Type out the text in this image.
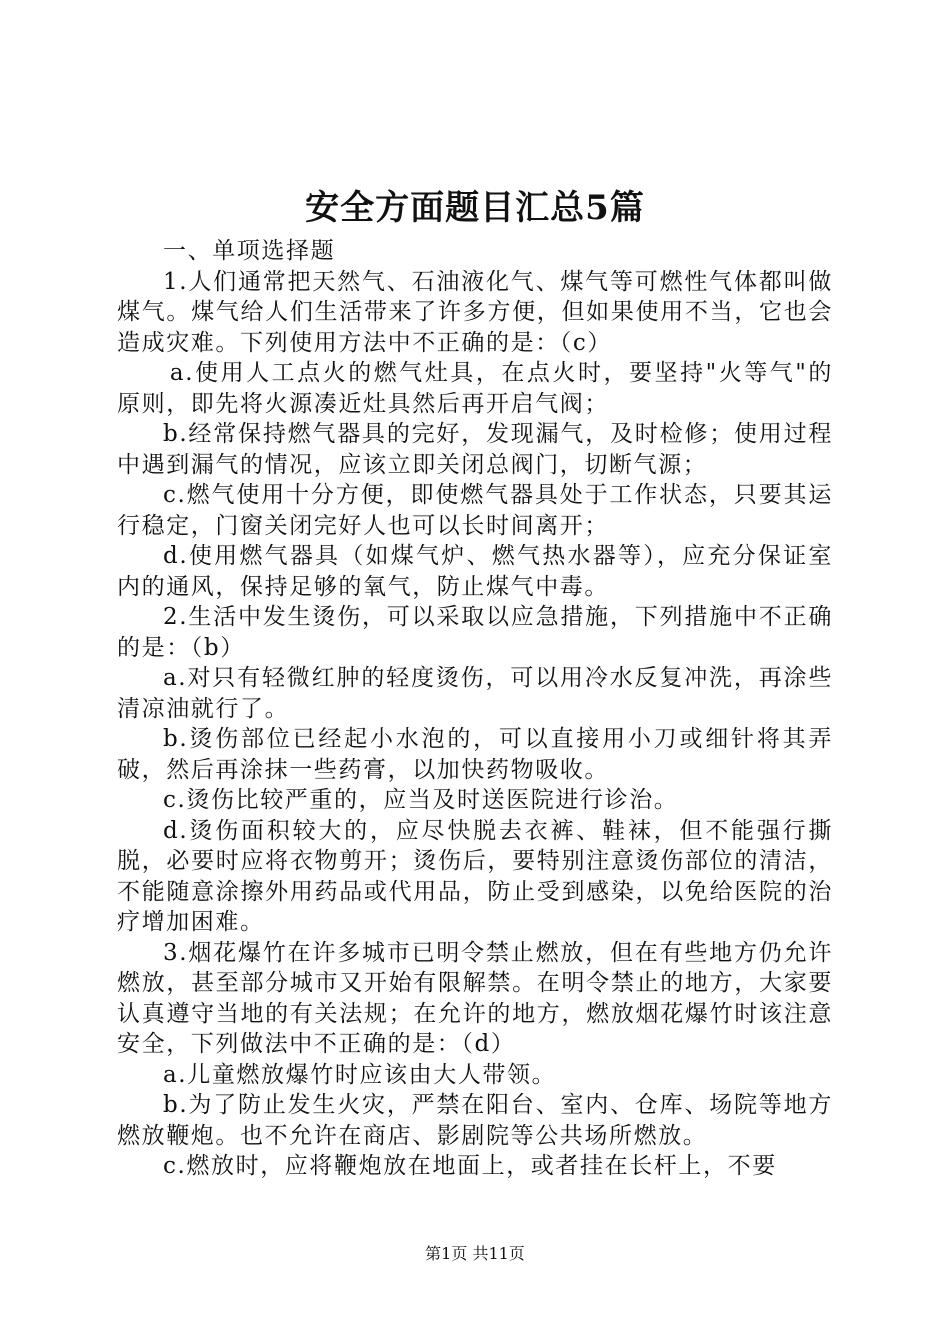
安全方面题目汇总5篇

一、单项选择题

1.人们通常把天然气、石油液化气、煤气等可燃性气体都叫做煤气。煤气给人们生活带来了许多方便，但如果使用不当，它也会造成灾难。下列使用方法中不正确的是：（c）

a.使用人工点火的燃气灶具，在点火时，要坚持"火等气"的原则，即先将火源凑近灶具然后再开启气阀；

b.经常保持燃气器具的完好，发现漏气，及时检修；使用过程中遇到漏气的情况，应该立即关闭总阀门，切断气源；

c.燃气使用十分方便，即使燃气器具处于工作状态，只要其运行稳定，门窗关闭完好人也可以长时间离开；

d.使用燃气器具（如煤气炉、燃气热水器等），应充分保证室内的通风，保持足够的氧气，防止煤气中毒。

2.生活中发生烫伤，可以采取以应急措施，下列措施中不正确的是：（b）

a.对只有轻微红肿的轻度烫伤，可以用冷水反复冲洗，再涂些清凉油就行了。

b.烫伤部位已经起小水泡的，可以直接用小刀或细针将其弄破，然后再涂抹一些药膏，以加快药物吸收。

c.烫伤比较严重的，应当及时送医院进行诊治。

d.烫伤面积较大的，应尽快脱去衣裤、鞋袜，但不能强行撕脱，必要时应将衣物剪开；烫伤后，要特别注意烫伤部位的清洁，不能随意涂擦外用药品或代用品，防止受到感染，以免给医院的治疗增加困难。

3.烟花爆竹在许多城市已明令禁止燃放，但在有些地方仍允许燃放，甚至部分城市又开始有限解禁。在明令禁止的地方，大家要认真遵守当地的有关法规；在允许的地方，燃放烟花爆竹时该注意安全，下列做法中不正确的是：（d）

a.儿童燃放爆竹时应该由大人带领。

b.为了防止发生火灾，严禁在阳台、室内、仓库、场院等地方燃放鞭炮。也不允许在商店、影剧院等公共场所燃放。

c.燃放时，应将鞭炮放在地面上，或者挂在长杆上，不要

第1页 共11页
